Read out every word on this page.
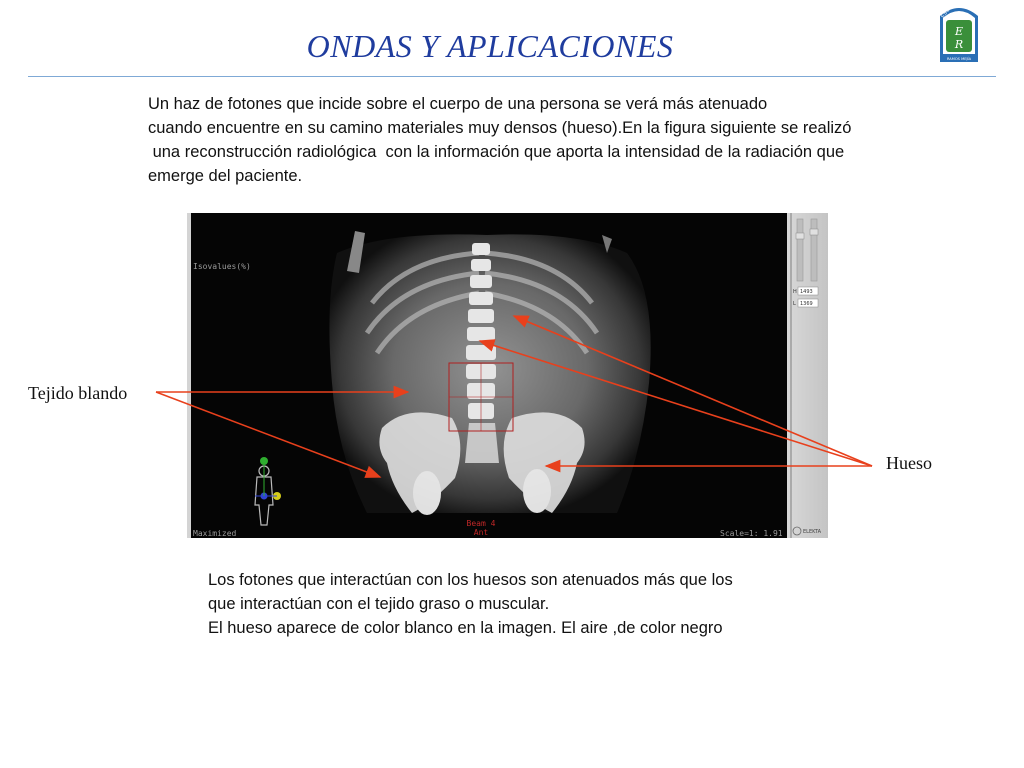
ONDAS Y APLICACIONES
ESCUELA
E
R
RAMOS MEJÍA
Un haz de fotones que incide sobre el cuerpo de una persona se verá más atenuado
cuando encuentre en su camino materiales muy densos (hueso).En la figura siguiente se realizó
una reconstrucción radiológica  con la información que aporta la intensidad de la radiación que
emerge del paciente.
Isovalues(%)
Maximized	Scale=1: 1.91
Beam 4
Ant
H 1493
L 1369
ELEKTA
Tejido blando
Hueso
Los fotones que interactúan con los huesos son atenuados más que los
que interactúan con el tejido graso o muscular.
El hueso aparece de color blanco en la imagen. El aire ,de color negro
